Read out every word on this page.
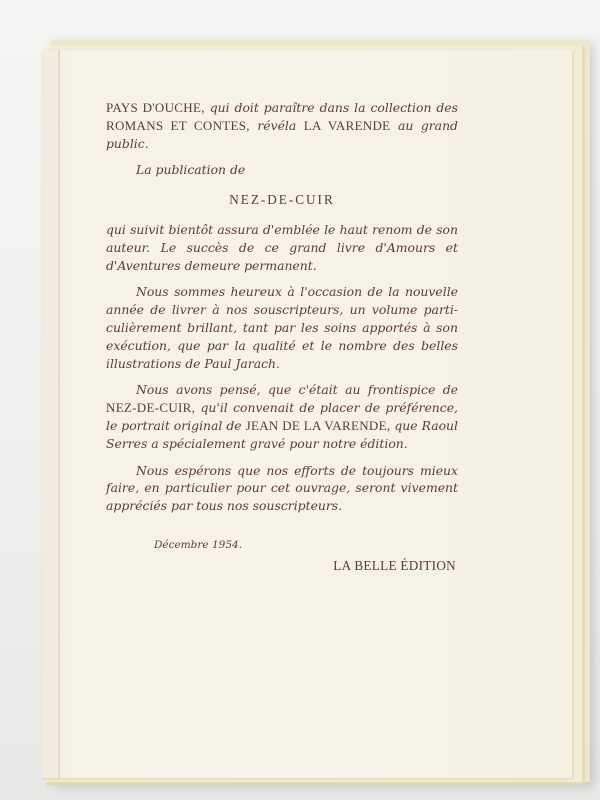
PAYS D'OUCHE, qui doit paraître dans la collection des ROMANS ET CONTES, révéla LA VARENDE au grand public.

La publication de

NEZ-DE-CUIR

qui suivit bientôt assura d'emblée le haut renom de son auteur. Le succès de ce grand livre d'Amours et d'Aventures demeure permanent.

Nous sommes heureux à l'occasion de la nouvelle année de livrer à nos souscripteurs, un volume parti- culièrement brillant, tant par les soins apportés à son exécution, que par la qualité et le nombre des belles illustrations de Paul Jarach.

Nous avons pensé, que c'était au frontispice de NEZ-DE-CUIR, qu'il convenait de placer de préférence, le portrait original de JEAN DE LA VARENDE, que Raoul Serres a spécialement gravé pour notre édition.

Nous espérons que nos efforts de toujours mieux faire, en particulier pour cet ouvrage, seront vivement appréciés par tous nos souscripteurs.

Décembre 1954.

LA BELLE ÉDITION
